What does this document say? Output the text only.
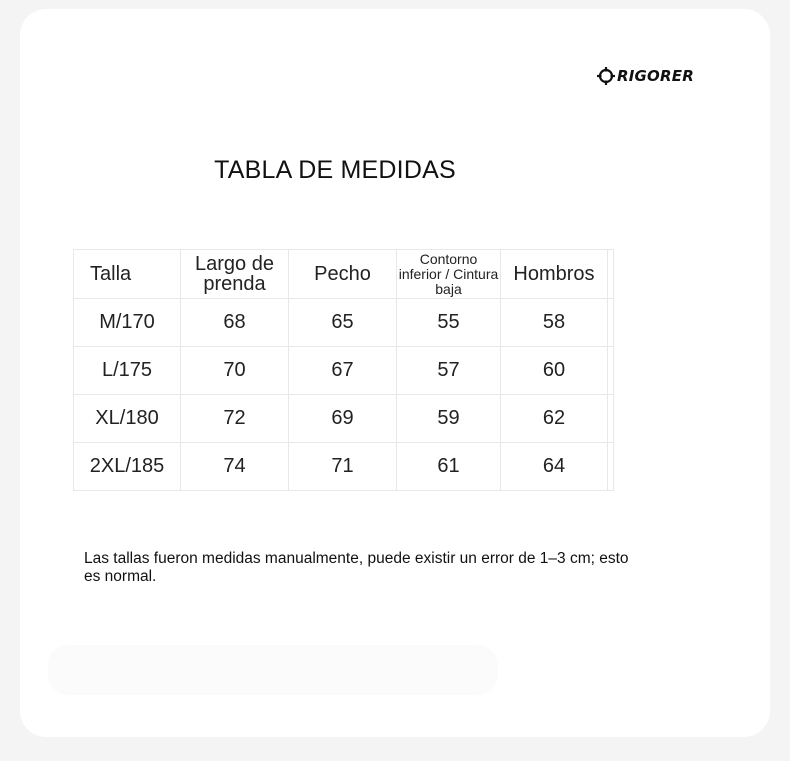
RIGORER
TABLA DE MEDIDAS
Talla	Largo de prenda	Pecho	Contorno inferior / Cintura baja	Hombros	
M/170	68	65	55	58	
L/175	70	67	57	60	
XL/180	72	69	59	62	
2XL/185	74	71	61	64	
Las tallas fueron medidas manualmente, puede existir un error de 1–3 cm; esto es normal.
